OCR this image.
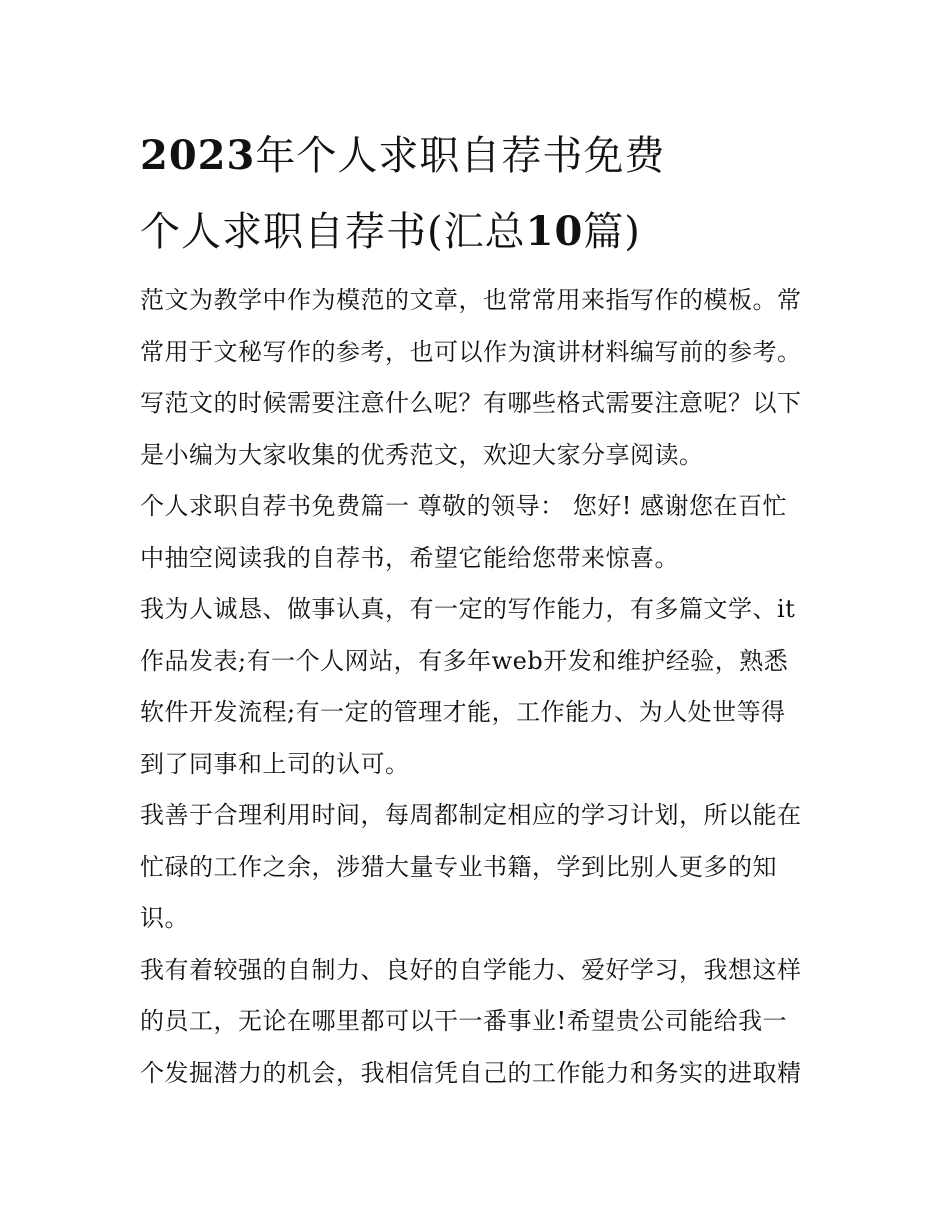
2023年个人求职自荐书免费
个人求职自荐书(汇总10篇)
范文为教学中作为模范的文章，也常常用来指写作的模板。常
常用于文秘写作的参考，也可以作为演讲材料编写前的参考。
写范文的时候需要注意什么呢？有哪些格式需要注意呢？以下
是小编为大家收集的优秀范文，欢迎大家分享阅读。
个人求职自荐书免费篇一 尊敬的领导： 您好! 感谢您在百忙
中抽空阅读我的自荐书，希望它能给您带来惊喜。
我为人诚恳、做事认真，有一定的写作能力，有多篇文学、it
作品发表;有一个人网站，有多年web开发和维护经验，熟悉
软件开发流程;有一定的管理才能，工作能力、为人处世等得
到了同事和上司的认可。
我善于合理利用时间，每周都制定相应的学习计划，所以能在
忙碌的工作之余，涉猎大量专业书籍，学到比别人更多的知
识。
我有着较强的自制力、良好的自学能力、爱好学习，我想这样
的员工，无论在哪里都可以干一番事业!希望贵公司能给我一
个发掘潜力的机会，我相信凭自己的工作能力和务实的进取精
